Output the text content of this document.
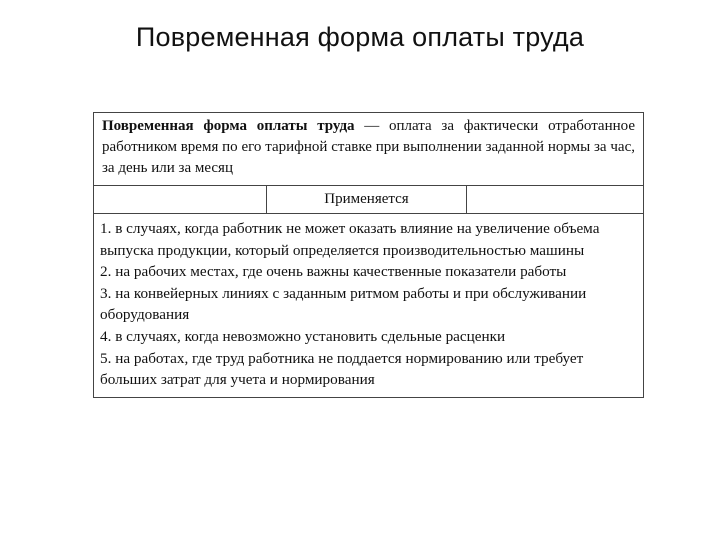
Повременная форма оплаты труда
Повременная форма оплаты труда — оплата за фактически отработанное работником время по его тарифной ставке при выполнении заданной нормы за час, за день или за месяц
Применяется
1. в случаях, когда работник не может оказать влияние на увеличение объема выпуска продукции, который определяется производительностью машины
2. на рабочих местах, где очень важны качественные показатели работы
3. на конвейерных линиях с заданным ритмом работы и при обслуживании оборудования
4. в случаях, когда невозможно установить сдельные расценки
5. на работах, где труд работника не поддается нормированию или требует больших затрат для учета и нормирования
